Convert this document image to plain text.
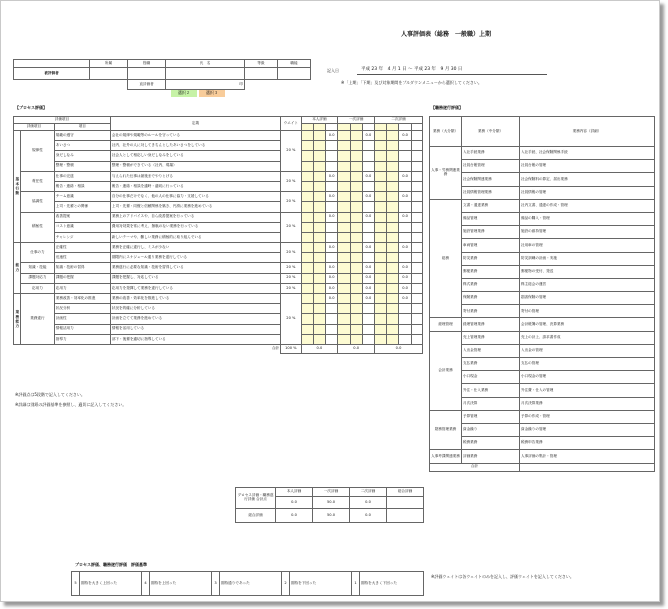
人事評価表（総務　一般職）上期
記入日	平成 23 年　4 月 1 日 ～ 平成 23 年　9 月 30 日
※「上期」「下期」及び対象期間をプルダウンメニューから選択してください。
	所属	役職	氏　名	等級	職能
被評価者					
		直評価者	印		
選択２	選択３
【プロセス評価】
評価項目			定義	ウエイト	本人評価			一次評価			二次評価			
評価項目		項目												
基本行動	規律性	規範の遵守	会社の規律や規範等のルールを守っている	20 %			0.0			0.0			0.0	
		あいさつ	社内、社外の人に対してきちんとしたあいさつをしている											
		身だしなみ	社会人として相応しい身だしなみをしている											
		整理・整頓	整理・整頓ができている（社内、現場）											
	責任性	仕事の完遂	与えられた仕事は最後までやりとげる	20 %			0.0			0.0			0.0	
		報告・連絡・相談	報告・連絡・相談を適時・適切に行っている											
	協調性	チーム意識	自分の仕事だけでなく、他の人の仕事に協力・支援している	20 %			0.0			0.0			0.0	
		上司・先輩との関係	上司・先輩・同僚と信頼関係を築き、円滑に業務を進めている											
	積極性	改善提案	業務上のアドバイスや、自ら改善提案を行っている	20 %			0.0			0.0			0.0	
		コスト意識	費用対効果を常に考え、無駄のない業務を行っている											
		チャレンジ	新しいテーマや、難しい業務に積極的に取り組んでいる											
能力	仕事の力	正確性	業務を正確に遂行し、ミスが少ない	20 %			0.0			0.0			0.0	
		迅速性	期限内にスケジュール通り業務を遂行している											
	知識・技能	知識・技術の習得	業務遂行に必要な知識・技術を習得している	20 %			0.0			0.0			0.0	
	課題対応力	課題の把握	課題を把握し、対応している	20 %			0.0			0.0			0.0	
	応用力	応用力	応用力を発揮して業務を遂行している	20 %			0.0			0.0			0.0	
業務能力	業務遂行	業務改善・効率化の推進	業務の改善・効率化を推進している	20 %			0.0			0.0			0.0	
		状況分析	状況を的確に分析している											
		計画性	計画を立てて業務を進めている											
		情報活用力	情報を活用している											
		指導力	部下・後輩を適切に指導している											
合計				100 %	0.0			0.0			0.0			
※評価点は5段階で記入してください。
※詳細は別紙の評価基準を参照し、適切に記入してください。
プロセス評価・職務遂行評価 合計点	本人評価	一次評価	二次評価	総合評価
	0.0	50.0	0.0	
総合評価	0.0	50.0	0.0	
プロセス評価、職務遂行評価　評価基準
5	期待を大きく上回った	4	期待を上回った	3	期待通りであった	2	期待を下回った	1	期待を大きく下回った
【職務遂行評価】
業務（大分類）	業務（中分類）	業務内容（詳細）
人事・労務関連業務	入社手続業務	入社手続、社会保険関係手続
	社員台帳管理	社員台帳の管理
	社会保険関連業務	社会保険料の算定、届出業務
	社員情報管理業務	社員情報の管理
総務	文書・通達業務	社内文書、通達の作成・管理
	備品管理	備品の購入・管理
	施設管理業務	施設の維持管理
	車両管理	社用車の管理
	防災業務	防災訓練の計画・実施
	郵便業務	郵便物の受付、発送
	株式業務	株主総会の運営
	保険業務	損害保険の管理
	寄付業務	寄付の管理
経理管理	経理管理業務	会計帳簿の管理、決算業務
会計業務	売上管理業務	売上の計上、請求書作成
	入出金管理	入出金の管理
	支払業務	支払の管理
	小口現金	小口現金の管理
	外注・仕入業務	外注費・仕入の管理
	月次決算	月次決算業務
財務管理業務	予算管理	予算の作成・管理
	資金繰り	資金繰りの管理
	税務業務	税務申告業務
人事考課関連業務	評価業務	人事評価の集計・管理
合計		
※評価ウェイトは各ウェイトのみを記入し、評価ウェイトを記入してください。
